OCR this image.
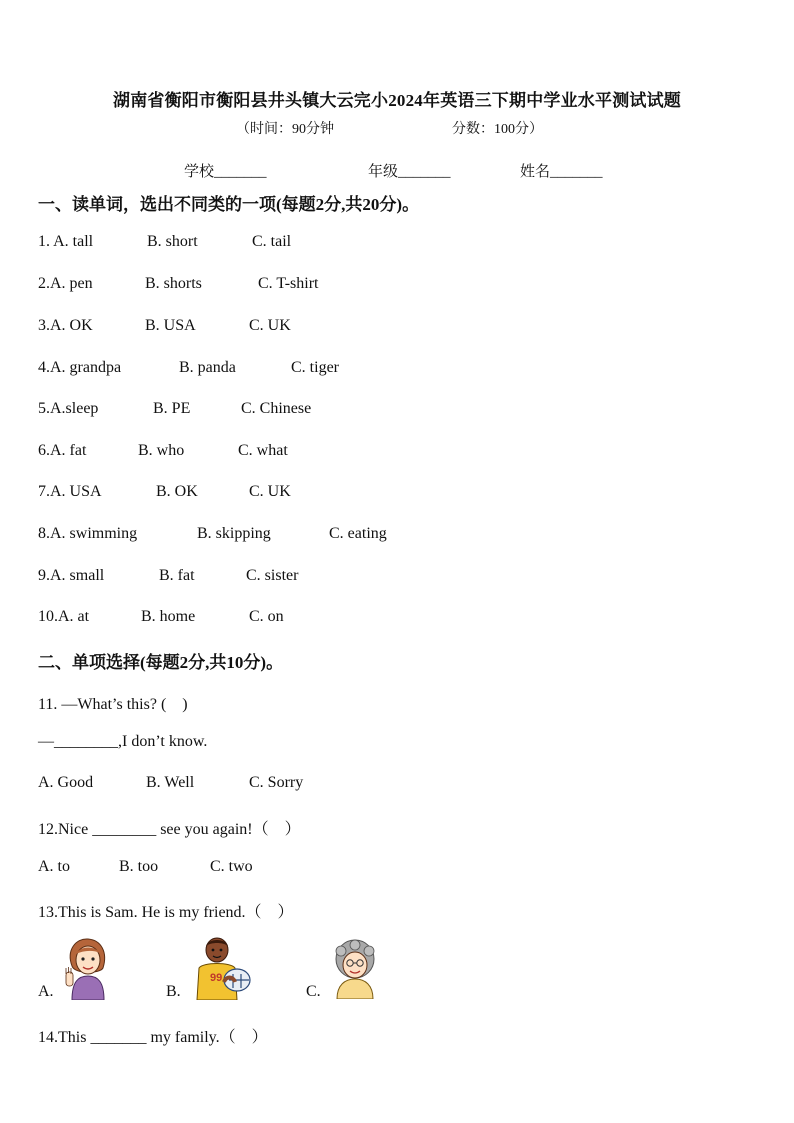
湖南省衡阳市衡阳县井头镇大云完小2024年英语三下期中学业水平测试试题
（时间：90分钟	分数：100分）
学校_______	年级_______	姓名_______
一、读单词，选出不同类的一项(每题2分,共20分)。
1. A. tall	B. short	C. tail
2.A. pen	B. shorts	C. T-shirt
3.A. OK	B. USA	C. UK
4.A. grandpa	B. panda	C. tiger
5.A.sleep	B. PE	C. Chinese
6.A. fat	B. who	C. what
7.A. USA	B. OK	C. UK
8.A. swimming	B. skipping	C. eating
9.A. small	B. fat	C. sister
10.A. at	B. home	C. on
二、单项选择(每题2分,共10分)。
11. —What’s this? (　)
—________,I don’t know.
A. Good	B. Well	C. Sorry
12.Nice ________ see you again!（　）
A. to	B. too	C. two
13.This is Sam. He is my friend.（　）
A.	B.	C.
99
14.This _______ my family.（　）
